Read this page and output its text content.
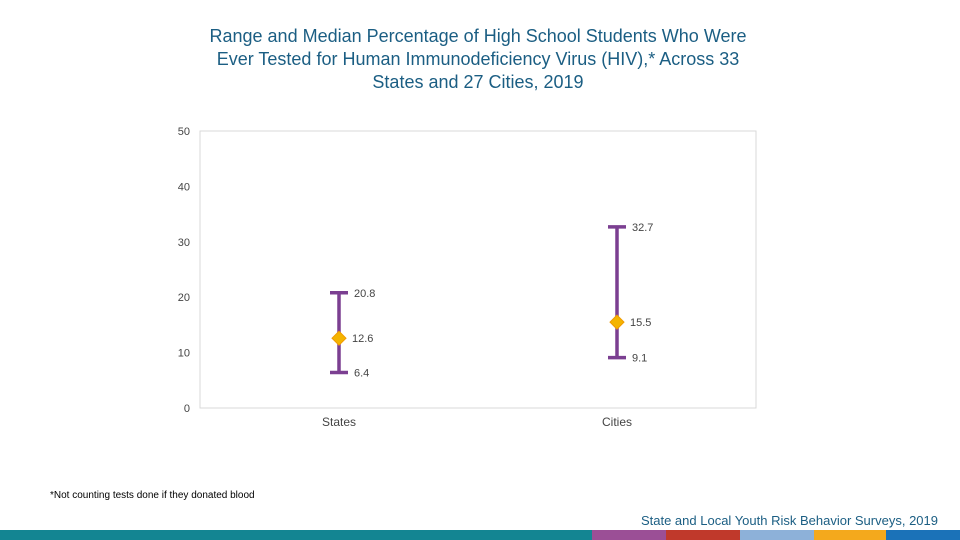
Range and Median Percentage of High School Students Who Were
Ever Tested for Human Immunodeficiency Virus (HIV),* Across 33
States and 27 Cities, 2019
0
10
20
30
40
50
States	Cities
20.8
12.6
6.4
32.7
15.5
9.1
*Not counting tests done if they donated blood
State and Local Youth Risk Behavior Surveys, 2019
